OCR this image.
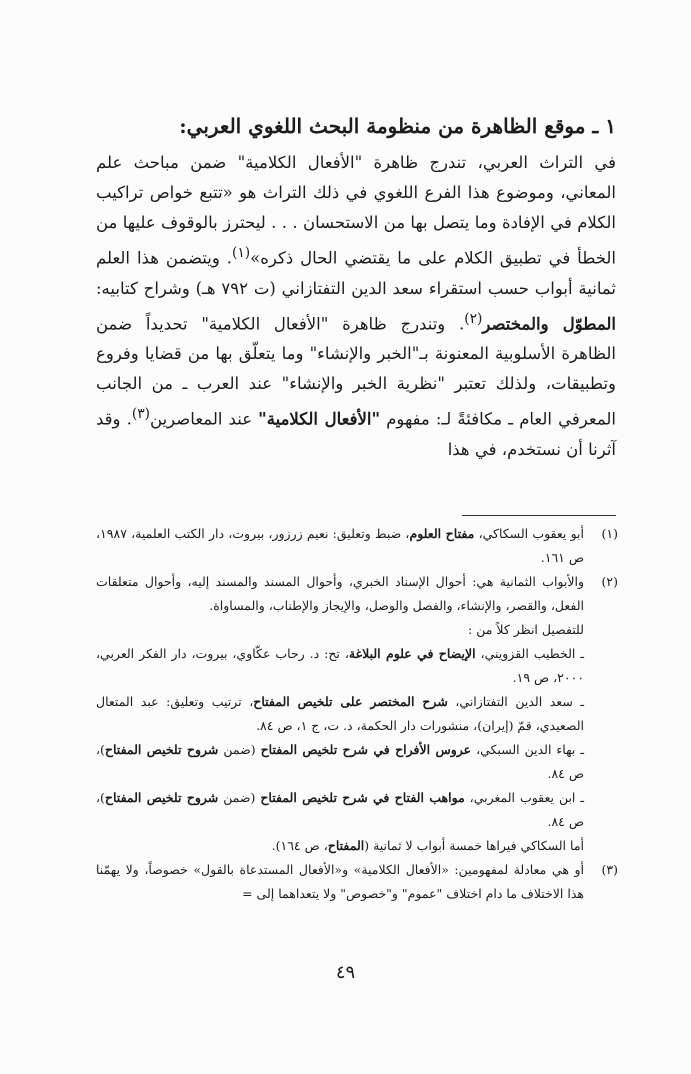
١ ـ موقع الظاهرة من منظومة البحث اللغوي العربي:

في التراث العربي، تندرج ظاهرة "الأفعال الكلامية" ضمن مباحث علم المعاني، وموضوع هذا الفرع اللغوي في ذلك التراث هو «تتبع خواص تراكيب الكلام في الإفادة وما يتصل بها من الاستحسان . . . ليحترز بالوقوف عليها من الخطأ في تطبيق الكلام على ما يقتضي الحال ذكره»$^{(١)}$. ويتضمن هذا العلم ثمانية أبواب حسب استقراء سعد الدين التفتازاني (ت ٧٩٢ هـ) وشراح كتابيه: المطوّل والمختصر$^{(٢)}$. وتندرج ظاهرة "الأفعال الكلامية" تحديداً ضمن الظاهرة الأسلوبية المعنونة بـ"الخبر والإنشاء" وما يتعلّق بها من قضايا وفروع وتطبيقات، ولذلك تعتبر "نظرية الخبر والإنشاء" عند العرب ـ من الجانب المعرفي العام ـ مكافئةً لـ: مفهوم "الأفعال الكلامية" عند المعاصرين$^{(٣)}$. وقد آثرنا أن نستخدم، في هذا

(١)

أبو يعقوب السكاكي، مفتاح العلوم، ضبط وتعليق: نعيم زرزور، بيروت، دار الكتب العلمية، ١٩٨٧، ص ١٦١.

(٢)

والأبواب الثمانية هي: أحوال الإسناد الخبري، وأحوال المسند والمسند إليه، وأحوال متعلقات الفعل، والقصر، والإنشاء، والفصل والوصل، والإيجاز والإطناب، والمساواة.

للتفصيل انظر كلاً من :

ـ الخطيب القزويني، الإيضاح في علوم البلاغة، تح: د. رحاب عكّاوي، بيروت، دار الفكر العربي، ٢٠٠٠، ص ١٩.

ـ سعد الدين التفتازاني، شرح المختصر على تلخيص المفتاح، ترتيب وتعليق: عبد المتعال الصعيدي، قمّ (إيران)، منشورات دار الحكمة، د. ت، ج ١، ص ٨٤.

ـ بهاء الدين السبكي، عروس الأفراح في شرح تلخيص المفتاح (ضمن شروح تلخيص المفتاح)، ص ٨٤.

ـ ابن يعقوب المغربي، مواهب الفتاح في شرح تلخيص المفتاح (ضمن شروح تلخيص المفتاح)، ص ٨٤.

أما السكاكي فيراها خمسة أبواب لا ثمانية (المفتاح، ص ١٦٤).

(٣)

أو هي معادلة لمفهومين: «الأفعال الكلامية» و«الأفعال المستدعاة بالقول» خصوصاً، ولا يهمّنا هذا الاختلاف ما دام اختلاف "عموم" و"خصوص" ولا يتعداهما إلى =

٤٩
